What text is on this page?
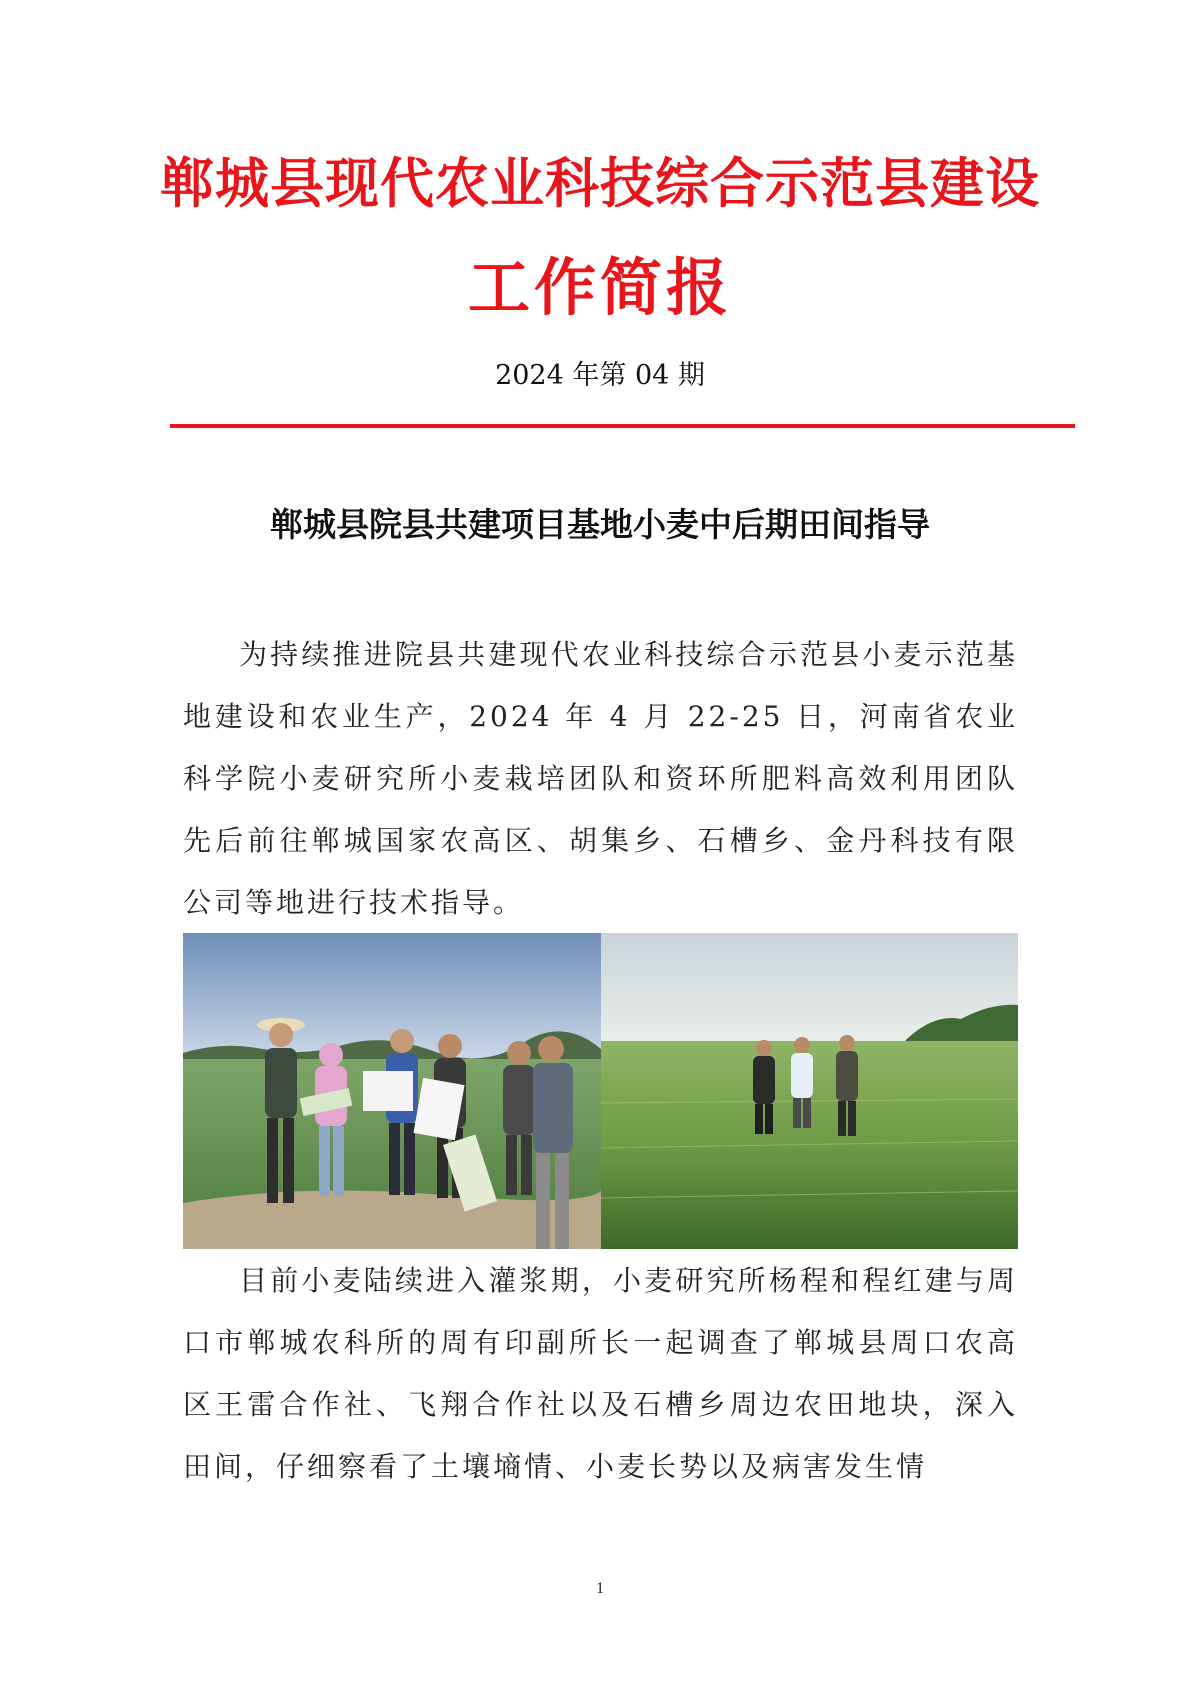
郸城县现代农业科技综合示范县建设
工作简报
2024 年第 04 期
郸城县院县共建项目基地小麦中后期田间指导

为持续推进院县共建现代农业科技综合示范县小麦示范基地建设和农业生产，2024 年 4 月 22-25 日，河南省农业科学院小麦研究所小麦栽培团队和资环所肥料高效利用团队先后前往郸城国家农高区、胡集乡、石槽乡、金丹科技有限公司等地进行技术指导。

目前小麦陆续进入灌浆期，小麦研究所杨程和程红建与周口市郸城农科所的周有印副所长一起调查了郸城县周口农高区王雷合作社、飞翔合作社以及石槽乡周边农田地块，深入田间，仔细察看了土壤墒情、小麦长势以及病害发生情

1
